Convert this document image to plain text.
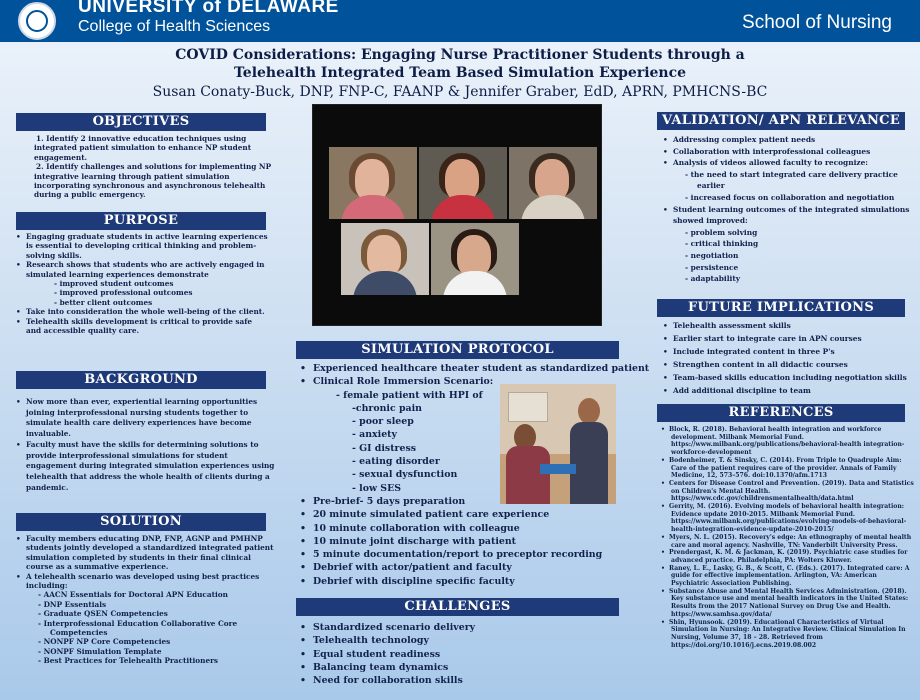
UNIVERSITY of DELAWARE
College of Health Sciences	School of Nursing
COVID Considerations: Engaging Nurse Practitioner Students through a
Telehealth Integrated Team Based Simulation Experience
Susan Conaty-Buck, DNP, FNP-C, FAANP & Jennifer Graber, EdD, APRN, PMHCNS-BC
OBJECTIVES
1. Identify 2 innovative education techniques using
integrated patient simulation to enhance NP student
engagement.
2. Identify challenges and solutions for implementing NP
integrative learning through patient simulation
incorporating synchronous and asynchronous telehealth
during a public emergency.
PURPOSE
• Engaging graduate students in active learning experiences
is essential to developing critical thinking and problem-
solving skills.
• Research shows that students who are actively engaged in
simulated learning experiences demonstrate
- improved student outcomes
- improved professional outcomes
- better client outcomes
• Take into consideration the whole well-being of the client.
• Telehealth skills development is critical to provide safe
and accessible quality care.
BACKGROUND
• Now more than ever, experiential learning opportunities
joining interprofessional nursing students together to
simulate health care delivery experiences have become
invaluable.
• Faculty must have the skills for determining solutions to
provide interprofessional simulations for student
engagement during integrated simulation experiences using
telehealth that address the whole health of clients during a
pandemic.
SOLUTION
• Faculty members educating DNP, FNP, AGNP and PMHNP
students jointly developed a standardized integrated patient
simulation completed by students in their final clinical
course as a summative experience.
• A telehealth scenario was developed using best practices
including:
- AACN Essentials for Doctoral APN Education
- DNP Essentials
- Graduate QSEN Competencies
- Interprofessional Education Collaborative Core
Competencies
- NONPF NP Core Competencies
- NONPF Simulation Template
- Best Practices for Telehealth Practitioners
SIMULATION PROTOCOL
• Experienced healthcare theater student as standardized patient
• Clinical Role Immersion Scenario:
- female patient with HPI of
-chronic pain
- poor sleep
- anxiety
- GI distress
- eating disorder
- sexual dysfunction
- low SES
• Pre-brief- 5 days preparation
• 20 minute simulated patient care experience
• 10 minute collaboration with colleague
• 10 minute joint discharge with patient
• 5 minute documentation/report to preceptor recording
• Debrief with actor/patient and faculty
• Debrief with discipline specific faculty
CHALLENGES
• Standardized scenario delivery
• Telehealth technology
• Equal student readiness
• Balancing team dynamics
• Need for collaboration skills
VALIDATION/ APN RELEVANCE
• Addressing complex patient needs
• Collaboration with interprofessional colleagues
• Analysis of videos allowed faculty to recognize:
- the need to start integrated care delivery practice
earlier
- increased focus on collaboration and negotiation
• Student learning outcomes of the integrated simulations
showed improved:
- problem solving
- critical thinking
- negotiation
- persistence
- adaptability
FUTURE IMPLICATIONS
• Telehealth assessment skills
• Earlier start to integrate care in APN courses
• Include integrated content in three P's
• Strengthen content in all didactic courses
• Team-based skills education including negotiation skills
• Add additional discipline to team
REFERENCES
• Block, R. (2018). Behavioral health integration and workforce
development. Milbank Memorial Fund.
https://www.milbank.org/publications/behavioral-health integration-
workforce-development
• Bodenheimer, T. & Sinsky, C. (2014). From Triple to Quadruple Aim:
Care of the patient requires care of the provider. Annals of Family
Medicine, 12, 573–576. doi:10.1370/afm.1713
• Centers for Disease Control and Prevention. (2019). Data and Statistics
on Children's Mental Health.
https://www.cdc.gov/childrensmentalhealth/data.html
• Gerrity, M. (2016). Evolving models of behavioral health integration:
Evidence update 2010-2015. Milbank Memorial Fund.
https://www.milbank.org/publications/evolving-models-of-behavioral-
health-integration-evidence-update-2010-2015/
• Myers, N. L. (2015). Recovery's edge: An ethnography of mental health
care and moral agency. Nashville, TN: Vanderbilt University Press.
• Prendergast, K. M. & Jackman, K. (2019). Psychiatric case studies for
advanced practice. Philadelphia, PA: Wolters Kluwer.
• Raney, L. E., Lasky, G. B., & Scott, C. (Eds.). (2017). Integrated care: A
guide for effective implementation. Arlington, VA: American
Psychiatric Association Publishing.
• Substance Abuse and Mental Health Services Administration. (2018).
Key substance use and mental health indicators in the United States:
Results from the 2017 National Survey on Drug Use and Health.
https://www.samhsa.gov/data/
• Shin, Hyunsook. (2019). Educational Characteristics of Virtual
Simulation in Nursing: An Integrative Review. Clinical Simulation In
Nursing, Volume 37, 18 – 28. Retrieved from
https://doi.org/10.1016/j.ecns.2019.08.002
